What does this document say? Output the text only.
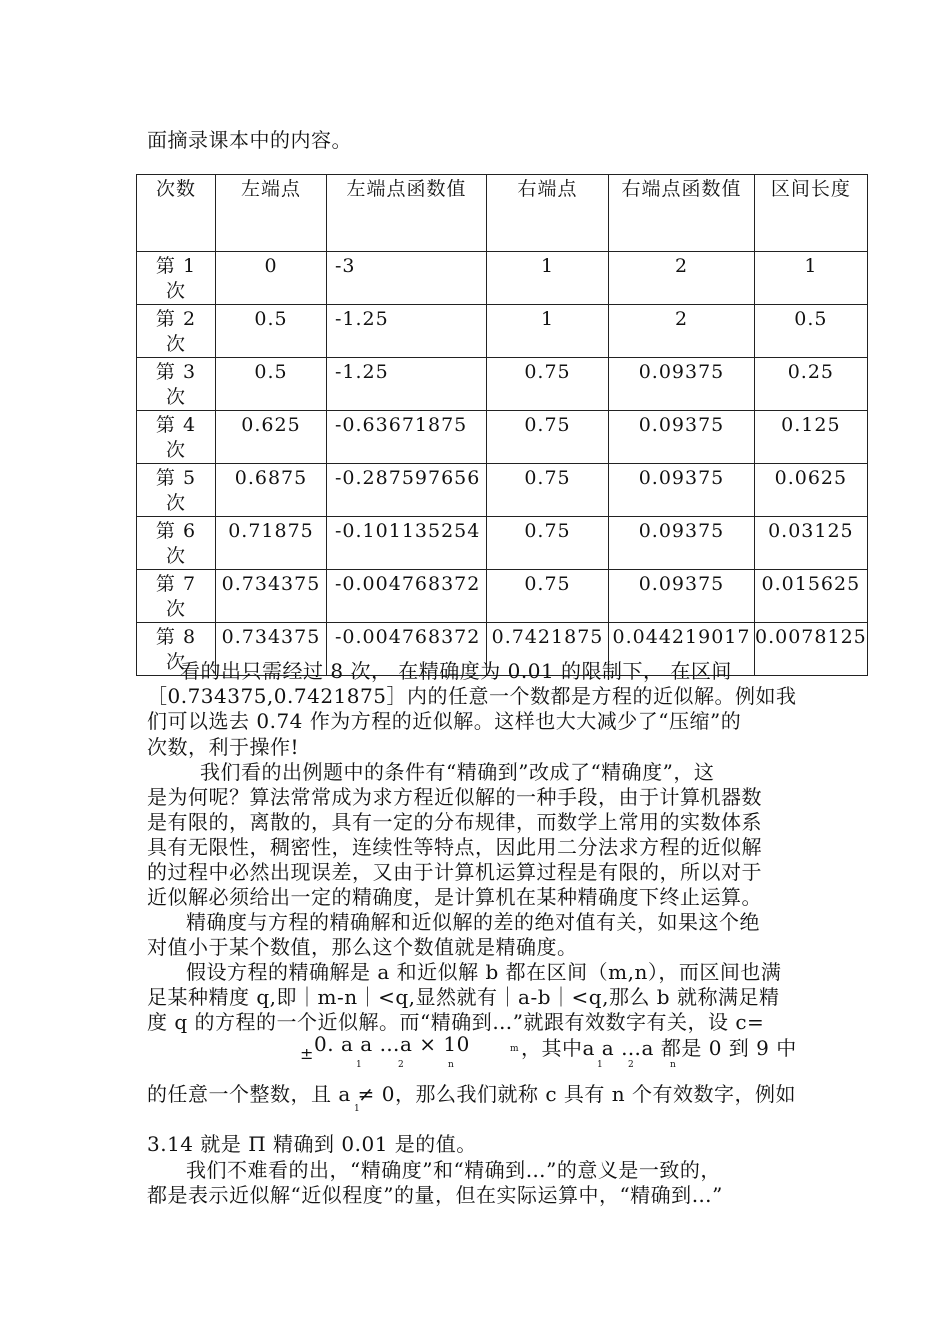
面摘录课本中的内容。
次数	左端点	左端点函数值	右端点	右端点函数值	区间长度
第 1 次	0	-3	1	2	1
第 2 次	0.5	-1.25	1	2	0.5
第 3 次	0.5	-1.25	0.75	0.09375	0.25
第 4 次	0.625	-0.63671875	0.75	0.09375	0.125
第 5 次	0.6875	-0.287597656	0.75	0.09375	0.0625
第 6 次	0.71875	-0.101135254	0.75	0.09375	0.03125
第 7 次	0.734375	-0.004768372	0.75	0.09375	0.015625
第 8 次	0.734375	-0.004768372	0.7421875	0.044219017	0.0078125
看的出只需经过 8 次， 在精确度为 0.01 的限制下， 在区间
［0.734375,0.7421875］内的任意一个数都是方程的近似解。例如我
们可以选去 0.74 作为方程的近似解。这样也大大减少了“压缩”的
次数，利于操作!
我们看的出例题中的条件有“精确到”改成了“精确度”，这
是为何呢？算法常常成为求方程近似解的一种手段，由于计算机器数
是有限的，离散的，具有一定的分布规律，而数学上常用的实数体系
具有无限性，稠密性，连续性等特点，因此用二分法求方程的近似解
的过程中必然出现误差，又由于计算机运算过程是有限的，所以对于
近似解必须给出一定的精确度，是计算机在某种精确度下终止运算。
精确度与方程的精确解和近似解的差的绝对值有关，如果这个绝
对值小于某个数值，那么这个数值就是精确度。
假设方程的精确解是 a 和近似解 b 都在区间（m,n），而区间也满
足某种精度 q,即｜m-n｜<q,显然就有｜a-b｜<q,那么 b 就称满足精
度 q 的方程的一个近似解。而“精确到…”就跟有效数字有关，设 c=
0. a a …a × 10
±
1	2	n
m ，其中a a …a 都是 0 到 9 中
1	2	n
的任意一个整数，且 a ≠ 0，那么我们就称 c 具有 n 个有效数字，例如
1
3.14 就是 Π 精确到 0.01 是的值。
我们不难看的出，“精确度”和“精确到…”的意义是一致的，
都是表示近似解“近似程度”的量，但在实际运算中，“精确到…”
